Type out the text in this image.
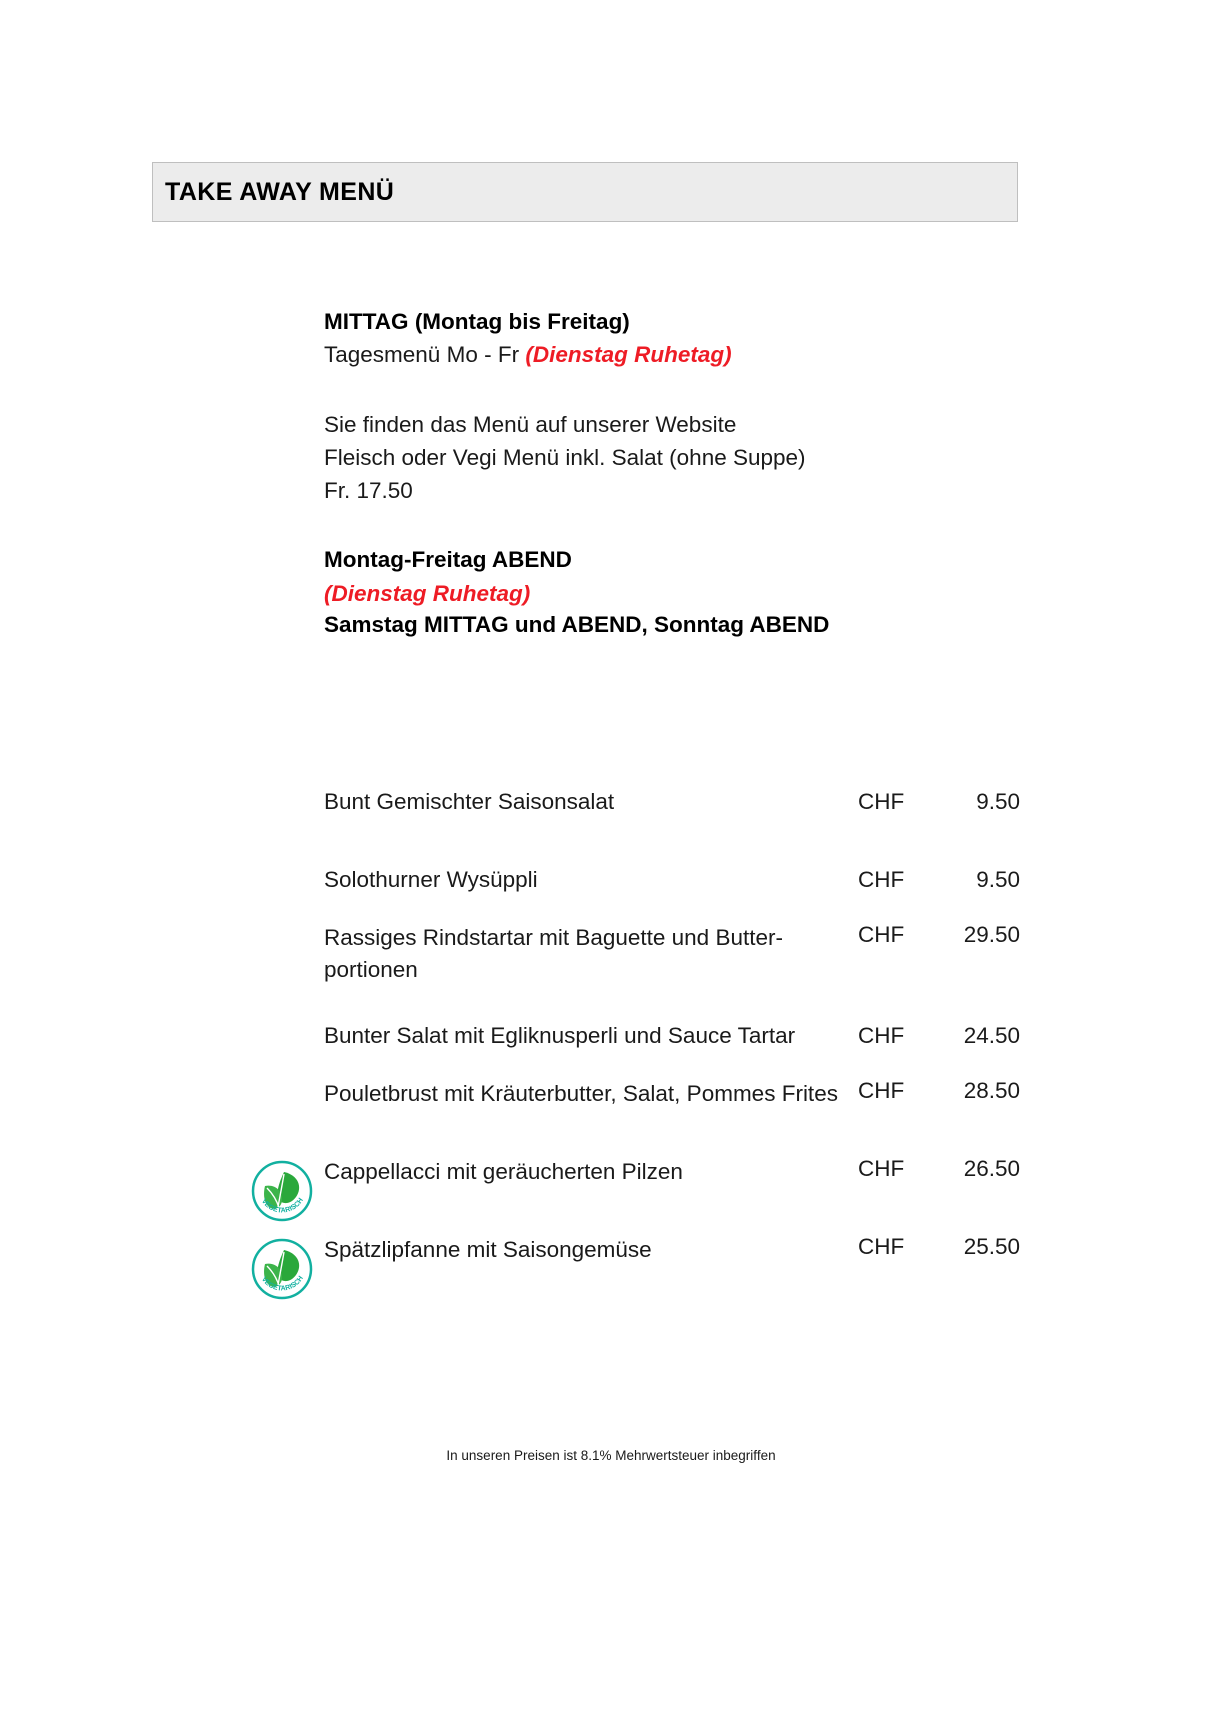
TAKE AWAY MENÜ
MITTAG (Montag bis Freitag)
Tagesmenü Mo - Fr (Dienstag Ruhetag)
Sie finden das Menü auf unserer Website
Fleisch oder Vegi Menü inkl. Salat (ohne Suppe)
Fr. 17.50
Montag-Freitag ABEND
(Dienstag Ruhetag)
Samstag MITTAG und ABEND, Sonntag ABEND
Bunt Gemischter Saisonsalat	CHF	9.50
Solothurner Wysüppli	CHF	9.50
Rassiges Rindstartar mit Baguette und Butter-portionen
CHF	29.50
Bunter Salat mit Egliknusperli und Sauce Tartar	CHF	24.50
Pouletbrust mit Kräuterbutter, Salat, Pommes Frites CHF	28.50
VEGETARISCH
Cappellacci mit geräucherten Pilzen	CHF	26.50
VEGETARISCH
Spätzlipfanne mit Saisongemüse	CHF	25.50
In unseren Preisen ist 8.1% Mehrwertsteuer inbegriffen
